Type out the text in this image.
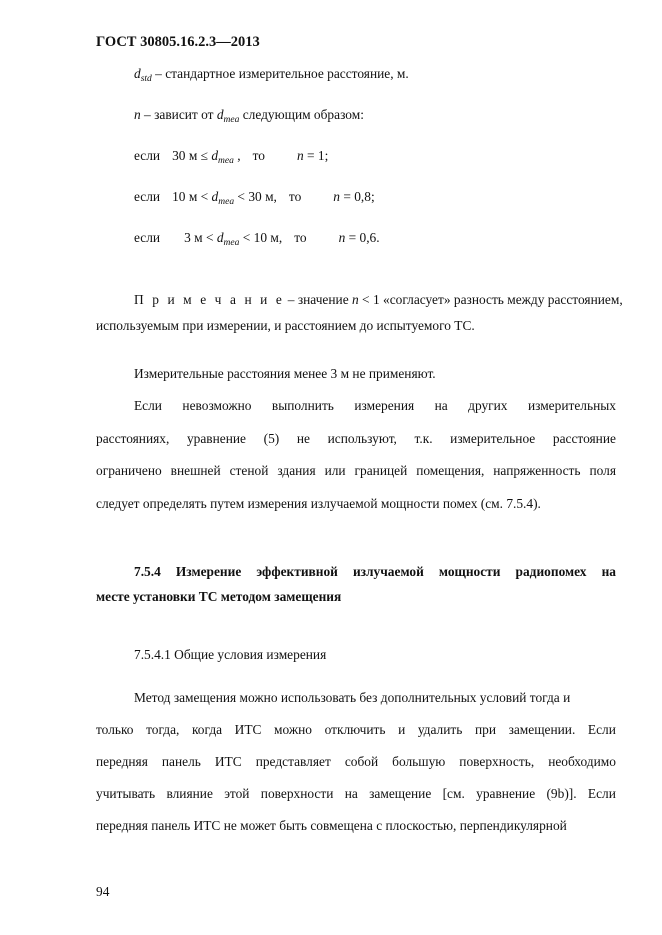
ГОСТ 30805.16.2.3—2013
$d_{std}$ – стандартное измерительное расстояние, м.
n – зависит от $d_{mea}$ следующим образом:
если 30 $м \le d_{mea}$ , то n = 1;
если 10 $м < d_{mea} < 30$ м, то n = 0,8;
если 3 $м < d_{mea} < 10$ м, то n = 0,6.
П р и м е ч а н и е – значение n < 1 «согласует» разность между расстоянием,
используемым при измерении, и расстоянием до испытуемого ТС.
Измерительные расстояния менее 3 м не применяют.
Если невозможно выполнить измерения на других измерительных
расстояниях, уравнение (5) не используют, т.к. измерительное расстояние
ограничено внешней стеной здания или границей помещения, напряженность поля
следует определять путем измерения излучаемой мощности помех (см. 7.5.4).
7.5.4 Измерение эффективной излучаемой мощности радиопомех на
месте установки ТС методом замещения
7.5.4.1 Общие условия измерения
Метод замещения можно использовать без дополнительных условий тогда и
только тогда, когда ИТС можно отключить и удалить при замещении. Если
передняя панель ИТС представляет собой большую поверхность, необходимо
учитывать влияние этой поверхности на замещение [см. уравнение (9b)]. Если
передняя панель ИТС не может быть совмещена с плоскостью, перпендикулярной
94
